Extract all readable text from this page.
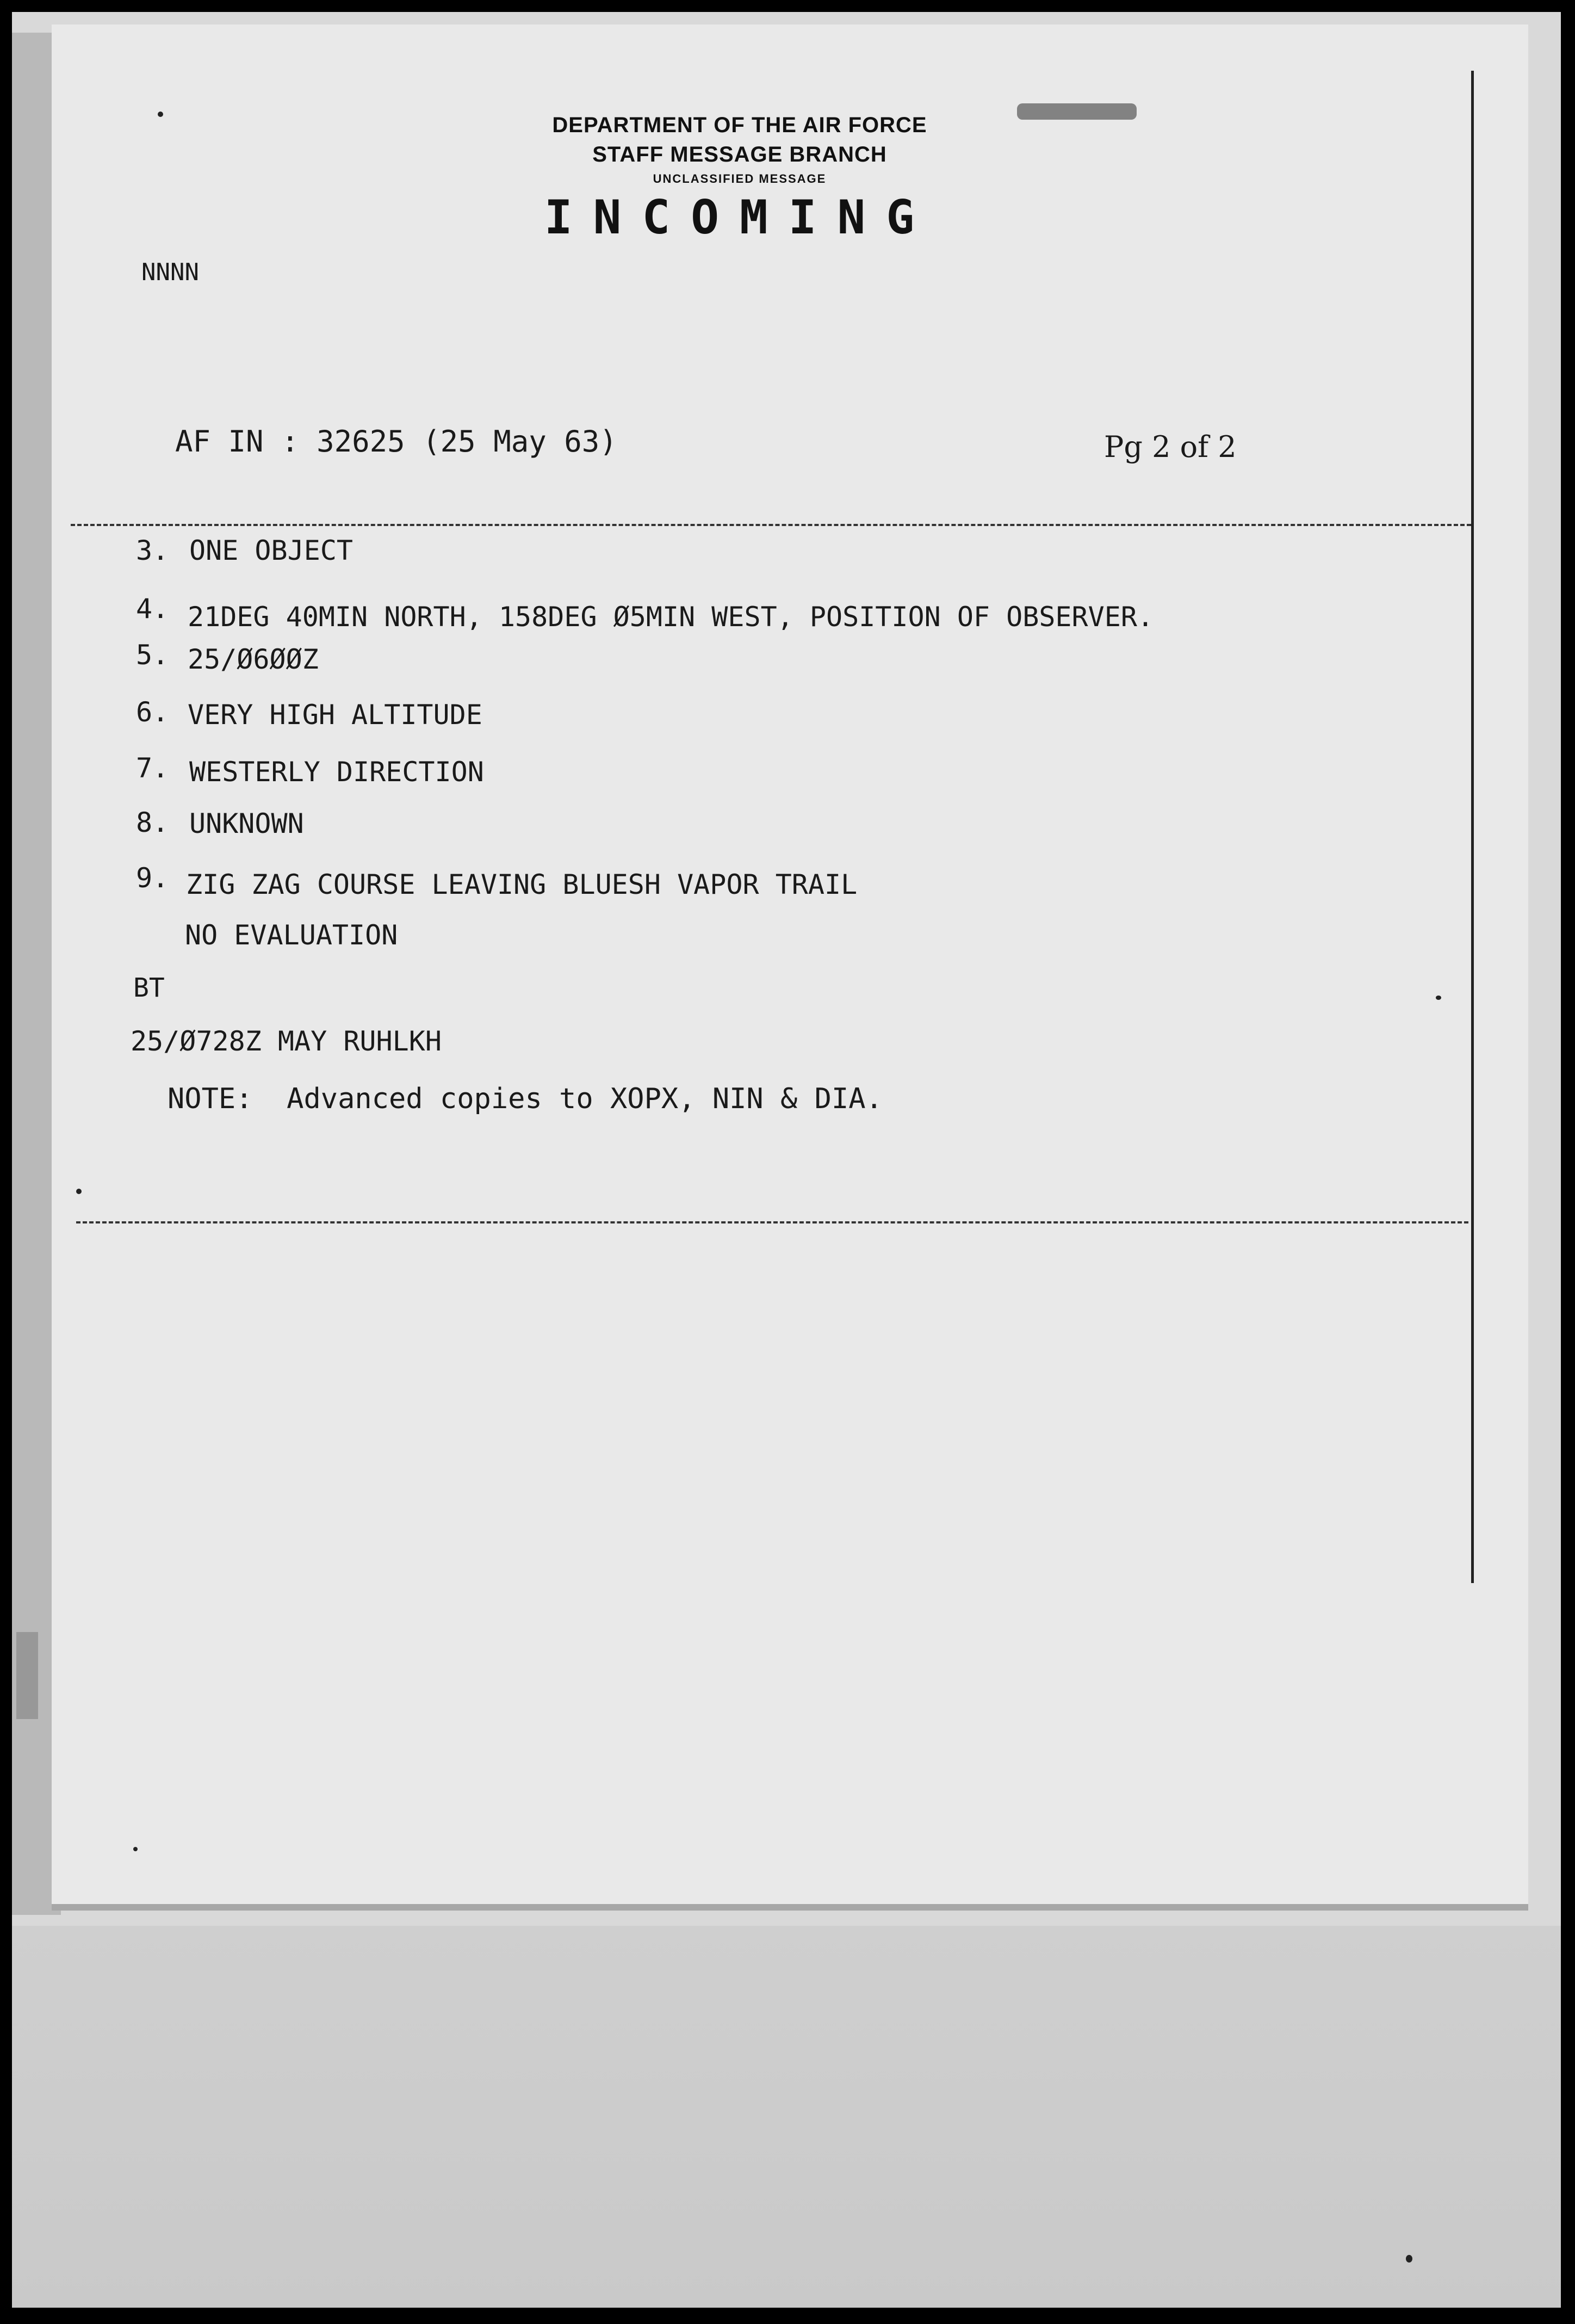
DEPARTMENT OF THE AIR FORCE
STAFF MESSAGE BRANCH
UNCLASSIFIED MESSAGE
INCOMING
NNNN
AF IN : 32625 (25 May 63)	Pg 2 of 2
3. ONE OBJECT
4. 21DEG 40MIN NORTH, 158DEG Ø5MIN WEST, POSITION OF OBSERVER.
5. 25/Ø6ØØZ
6. VERY HIGH ALTITUDE
7. WESTERLY DIRECTION
8. UNKNOWN
9. ZIG ZAG COURSE LEAVING BLUESH VAPOR TRAIL
NO EVALUATION
BT
25/Ø728Z MAY RUHLKH
NOTE:  Advanced copies to XOPX, NIN & DIA.
